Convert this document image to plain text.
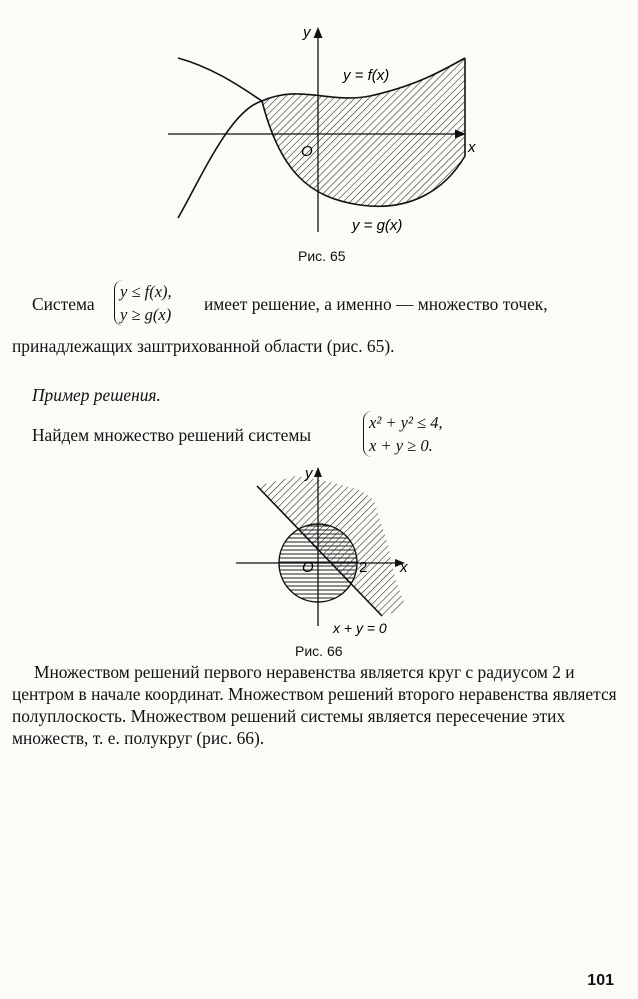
y = f(x)
y = g(x)
x
y
O
Рис. 65
Система
y ≤ f(x),
y ≥ g(x)
имеет решение, а именно — множество точек,
принадлежащих заштрихованной области (рис. 65).
Пример решения.
Найдем множество решений системы
x² + y² ≤ 4,
x + y ≥ 0.
y
x
O	2
x + y = 0
Рис. 66
Множеством решений первого неравенства является круг с радиусом 2 и центром в начале координат. Множеством решений второго неравенства является полуплоскость. Множеством решений системы является пересечение этих множеств, т. е. полукруг (рис. 66).
101
